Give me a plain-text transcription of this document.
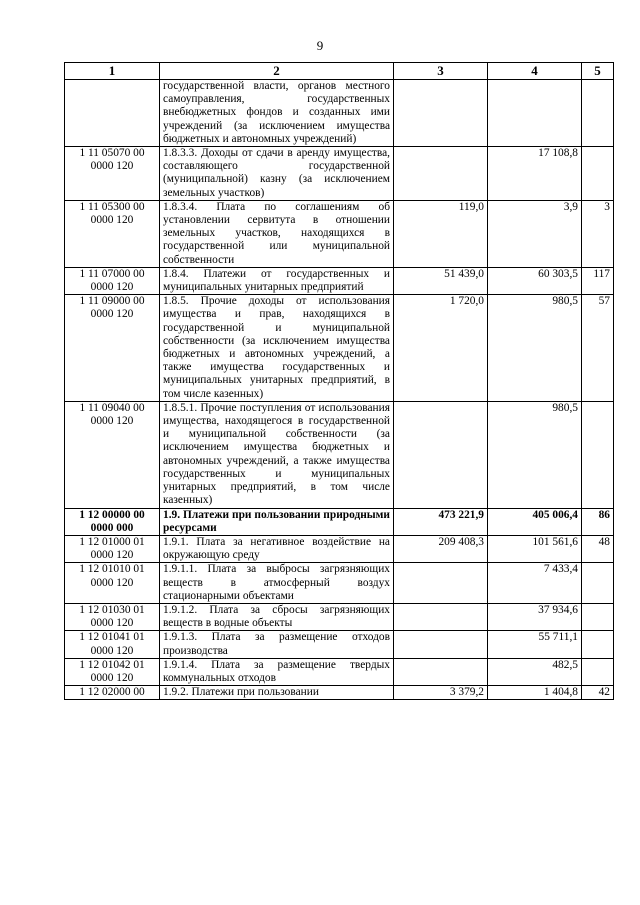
9
1	2	3	4	5
	государственной власти, органов местного самоуправления, государственных внебюджетных фондов и созданных ими учреждений (за исключением имущества бюджетных и автономных учреждений)			
1 11 05070 00 0000 120	1.8.3.3. Доходы от сдачи в аренду имущества, составляющего государственной (муниципальной) казну (за исключением земельных участков)		17 108,8	
1 11 05300 00 0000 120	1.8.3.4. Плата по соглашениям об установлении сервитута в отношении земельных участков, находящихся в государственной или муниципальной собственности	119,0	3,9	3
1 11 07000 00 0000 120	1.8.4. Платежи от государственных и муниципальных унитарных предприятий	51 439,0	60 303,5	117
1 11 09000 00 0000 120	1.8.5. Прочие доходы от использования имущества и прав, находящихся в государственной и муниципальной собственности (за исключением имущества бюджетных и автономных учреждений, а также имущества государственных и муниципальных унитарных предприятий, в том числе казенных)	1 720,0	980,5	57
1 11 09040 00 0000 120	1.8.5.1. Прочие поступления от использования имущества, находящегося в государственной и муниципальной собственности (за исключением имущества бюджетных и автономных учреждений, а также имущества государственных и муниципальных унитарных предприятий, в том числе казенных)		980,5	
1 12 00000 00 0000 000	1.9. Платежи при пользовании природными ресурсами	473 221,9	405 006,4	86
1 12 01000 01 0000 120	1.9.1. Плата за негативное воздействие на окружающую среду	209 408,3	101 561,6	48
1 12 01010 01 0000 120	1.9.1.1. Плата за выбросы загрязняющих веществ в атмосферный воздух стационарными объектами		7 433,4	
1 12 01030 01 0000 120	1.9.1.2. Плата за сбросы загрязняющих веществ в водные объекты		37 934,6	
1 12 01041 01 0000 120	1.9.1.3. Плата за размещение отходов производства		55 711,1	
1 12 01042 01 0000 120	1.9.1.4. Плата за размещение твердых коммунальных отходов		482,5	
1 12 02000 00	1.9.2. Платежи при пользовании	3 379,2	1 404,8	42
